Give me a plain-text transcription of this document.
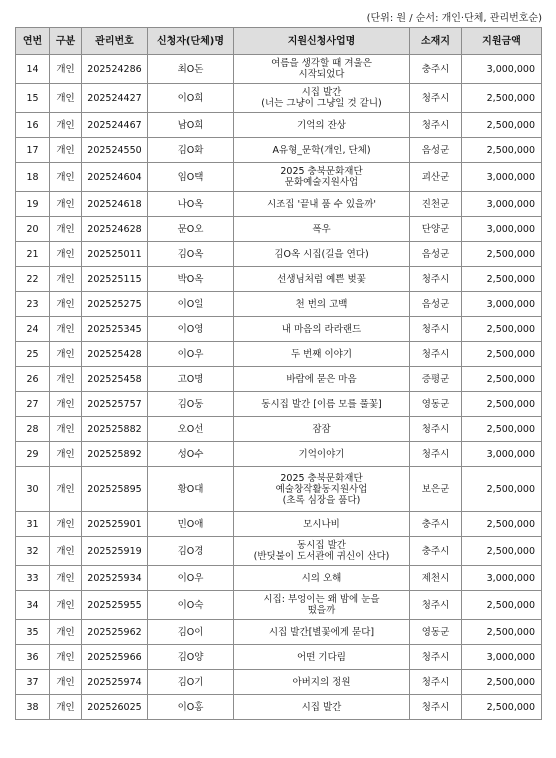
(단위: 원 / 순서: 개인·단체, 관리번호순)
연번	구분	관리번호	신청자(단체)명	지원신청사업명	소재지	지원금액
14	개인	202524286	최O돈	여름을 생각할 때 겨울은
시작되었다	충주시	3,000,000
15	개인	202524427	이O희	시집 발간
(너는 그냥이 그냥일 것 같니)	청주시	2,500,000
16	개인	202524467	남O희	기억의 잔상	청주시	2,500,000
17	개인	202524550	김O화	A유형_문학(개인, 단체)	음성군	2,500,000
18	개인	202524604	임O택	2025 충북문화재단
문화예술지원사업	괴산군	3,000,000
19	개인	202524618	나O옥	시조집 '끝내 품 수 있을까'	진천군	3,000,000
20	개인	202524628	문O오	폭우	단양군	3,000,000
21	개인	202525011	김O옥	김O옥 시집(길을 연다)	음성군	2,500,000
22	개인	202525115	박O옥	선생님처럼 예쁜 벚꽃	청주시	2,500,000
23	개인	202525275	이O일	천 번의 고백	음성군	3,000,000
24	개인	202525345	이O영	내 마음의 라라랜드	청주시	2,500,000
25	개인	202525428	이O우	두 번째 이야기	청주시	2,500,000
26	개인	202525458	고O명	바람에 묻은 마음	증평군	2,500,000
27	개인	202525757	김O동	동시집 발간 [이름 모를 풀꽃]	영동군	2,500,000
28	개인	202525882	오O선	잠잠	청주시	2,500,000
29	개인	202525892	성O수	기억이야기	청주시	3,000,000
30	개인	202525895	황O대	2025 충북문화재단
예술창작활동지원사업
(초록 심장을 품다)	보은군	2,500,000
31	개인	202525901	민O애	모시나비	충주시	2,500,000
32	개인	202525919	김O경	동시집 발간
(반딧불이 도서관에 귀신이 산다)	충주시	2,500,000
33	개인	202525934	이O우	시의 오해	제천시	3,000,000
34	개인	202525955	이O숙	시집: 부엉이는 왜 밤에 눈을
떴을까	청주시	2,500,000
35	개인	202525962	김O이	시집 발간[별꽃에게 묻다]	영동군	2,500,000
36	개인	202525966	김O양	어떤 기다림	청주시	3,000,000
37	개인	202525974	김O기	아버지의 정원	청주시	2,500,000
38	개인	202526025	이O홍	시집 발간	청주시	2,500,000
